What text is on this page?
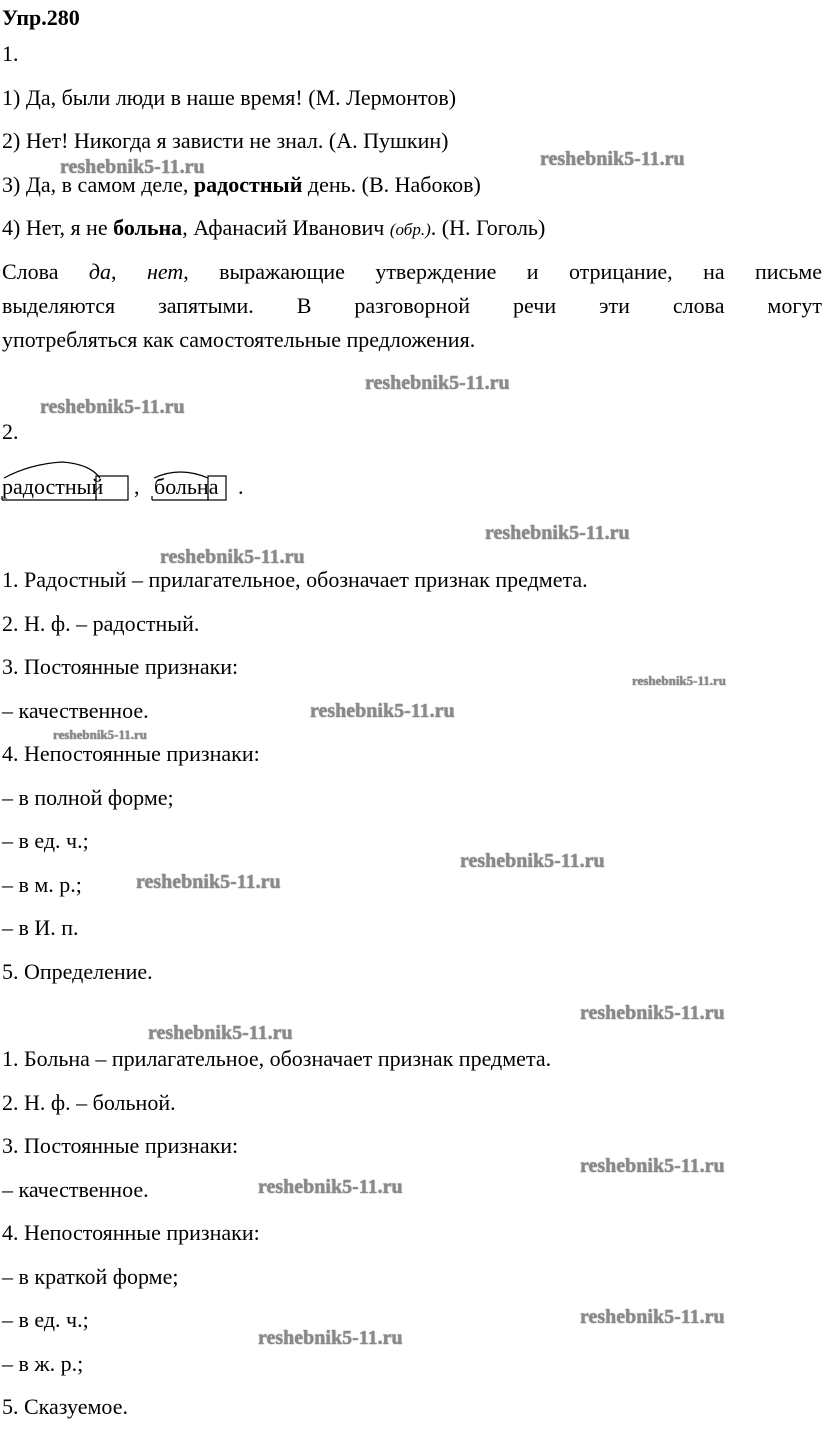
Упр.280
1.
1) Да, были люди в наше время! (М. Лермонтов)
2) Нет! Никогда я зависти не знал. (А. Пушкин)
3) Да, в самом деле, радостный день. (В. Набоков)
4) Нет, я не больна, Афанасий Иванович (обр.). (Н. Гоголь)
Слова да, нет, выражающие утверждение и отрицание, на письме
выделяются запятыми. В разговорной речи эти слова могут
употребляться как самостоятельные предложения.
2.
радостный , больна .
1. Радостный – прилагательное, обозначает признак предмета.
2. Н. ф. – радостный.
3. Постоянные признаки:
– качественное.
4. Непостоянные признаки:
– в полной форме;
– в ед. ч.;
– в м. р.;
– в И. п.
5. Определение.
1. Больна – прилагательное, обозначает признак предмета.
2. Н. ф. – больной.
3. Постоянные признаки:
– качественное.
4. Непостоянные признаки:
– в краткой форме;
– в ед. ч.;
– в ж. р.;
5. Сказуемое.
reshebnik5-11.ru	reshebnik5-11.ru
reshebnik5-11.ru
reshebnik5-11.ru
reshebnik5-11.ru
reshebnik5-11.ru
reshebnik5-11.ru
reshebnik5-11.ru
reshebnik5-11.ru
reshebnik5-11.ru
reshebnik5-11.ru
reshebnik5-11.ru
reshebnik5-11.ru
reshebnik5-11.ru
reshebnik5-11.ru
reshebnik5-11.ru
reshebnik5-11.ru
